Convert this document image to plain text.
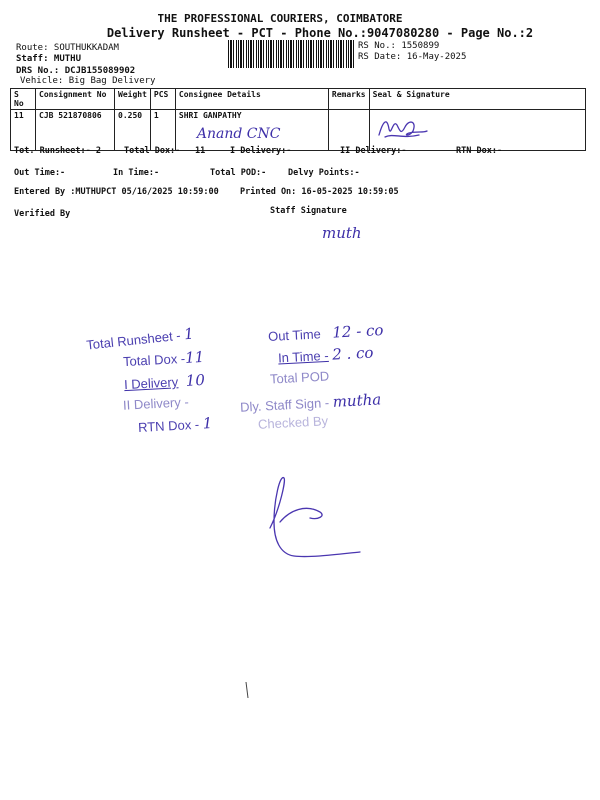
THE PROFESSIONAL COURIERS, COIMBATORE
Delivery Runsheet - PCT - Phone No.:9047080280 - Page No.:2
Route: SOUTHUKKADAM
Staff: MUTHU
DRS No.: DCJB155089902
Vehicle: Big Bag Delivery
RS No.: 1550899
RS Date: 16-May-2025
S No	Consignment No	Weight	PCS	Consignee Details	Remarks	Seal & Signature
11	CJB 521870806	0.250	1	SHRI GANPATHY
Anand CNC

Tot. Runsheet:- 2	Total Dox:- 11	I Delivery:-	II Delivery:-	RTN Dox:-
Out Time:-	In Time:-	Total POD:-	Delvy Points:-
Entered By :MUTHUPCT 05/16/2025 10:59:00	Printed On: 16-05-2025 10:59:05
Verified By	Staff Signature
muth
Total Runsheet - 1
Total Dox -11
I Delivery 10
II Delivery -
RTN Dox - 1
Out Time 12 - co
In Time - 2 . co
Total POD
Dly. Staff Sign - mutha
Checked By
